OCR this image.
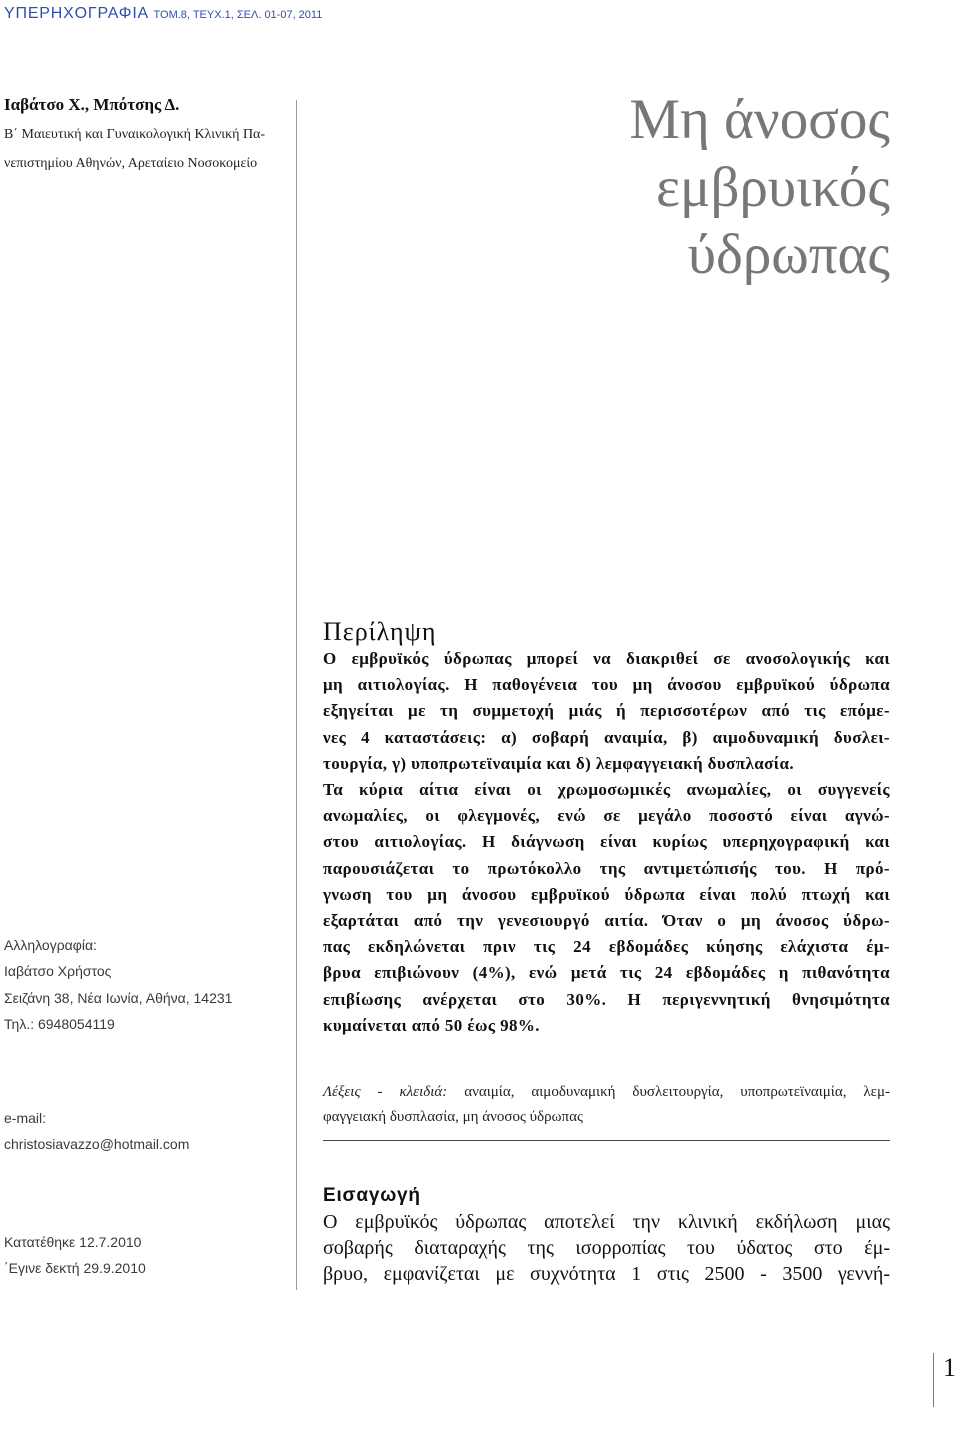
ΥΠΕΡΗΧΟΓΡΑΦΙΑ ΤΟΜ.8, ΤΕΥΧ.1, ΣΕΛ. 01-07, 2011
Ιαβάτσο Χ., Μπότσης Δ.
Β΄ Μαιευτική και Γυναικολογική Κλινική Πα-
νεπιστημίου Αθηνών, Αρεταίειο Νοσοκομείο
Αλληλογραφία:
Ιαβάτσο Χρήστος
Σειζάνη 38, Νέα Ιωνία, Αθήνα, 14231
Τηλ.: 6948054119
e-mail:
christosiavazzo@hotmail.com
Κατατέθηκε 12.7.2010
΄Εγινε δεκτή 29.9.2010
Μη άνοσος
εμβρυικός
ύδρωπας
Περίληψη
Ο εμβρυϊκός ύδρωπας μπορεί να διακριθεί σε ανοσολογικής και
μη αιτιολογίας. Η παθογένεια του μη άνοσου εμβρυϊκού ύδρωπα
εξηγείται με τη συμμετοχή μιάς ή περισσοτέρων από τις επόμε-
νες 4 καταστάσεις: α) σοβαρή αναιμία, β) αιμοδυναμική δυσλει-
τουργία, γ) υποπρωτεϊναιμία και δ) λεμφαγγειακή δυσπλασία.
Τα κύρια αίτια είναι οι χρωμοσωμικές ανωμαλίες, οι συγγενείς
ανωμαλίες, οι φλεγμονές, ενώ σε μεγάλο ποσοστό είναι αγνώ-
στου αιτιολογίας. Η διάγνωση είναι κυρίως υπερηχογραφική και
παρουσιάζεται το πρωτόκολλο της αντιμετώπισής του. Η πρό-
γνωση του μη άνοσου εμβρυϊκού ύδρωπα είναι πολύ πτωχή και
εξαρτάται από την γενεσιουργό αιτία. Όταν ο μη άνοσος ύδρω-
πας εκδηλώνεται πριν τις 24 εβδομάδες κύησης ελάχιστα έμ-
βρυα επιβιώνουν (4%), ενώ μετά τις 24 εβδομάδες η πιθανότητα
επιβίωσης ανέρχεται στο 30%. Η περιγεννητική θνησιμότητα
κυμαίνεται από 50 έως 98%.
Λέξεις - κλειδιά: αναιμία, αιμοδυναμική δυσλειτουργία, υποπρωτεϊναιμία, λεμ-
φαγγειακή δυσπλασία, μη άνοσος ύδρωπας
Εισαγωγή
Ο εμβρυϊκός ύδρωπας αποτελεί την κλινική εκδήλωση μιας
σοβαρής διαταραχής της ισορροπίας του ύδατος στο έμ-
βρυο, εμφανίζεται με συχνότητα 1 στις 2500 - 3500 γεννή-
1
